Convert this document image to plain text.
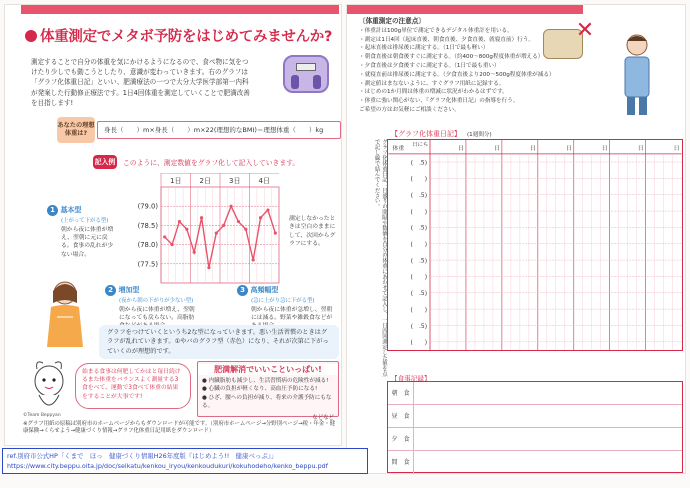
体重測定でメタボ予防をはじめてみませんか?
測定することで自分の体重を気にかけるようになるので、食べ物に気をつけたり少しでも動こうとしたり、意識が変わっていきます。右のグラフは「グラフ化体重日記」といい、肥満療法の一つで大分大学医学部第一内科が発案した行動修正療法です。1日4回体重を測定していくことで肥満改善を目指します!
あなたの理想体重は?	身長（　　）m×身長（　　）m×22(理想的なBMI)＝理想体重（　　）kg
記入例 このように、測定数値をグラフ化して記入していきます。
1日	2日	3日	4日
(79.0)
(78.5)
(78.0)
(77.5)
測定しなかったときは空白のままにして、次回からグラフにする。
1 基本型
(上がって下がる型)
朝から夜に体重が増え、翌朝に元に戻る。食事の乱れが少ない場合。
2 増加型
(夜から朝の下がりが少ない型)
朝から夜に体重が増え、翌朝になっても戻らない。高脂肪
3 高頻幅型
(急に上がり急に下がる型)
朝から夜に体重が急増し、翌朝には減る。野菜や雑穀食などが
グラフをつけていくというち2な型になっていきます。悪い生活習慣のときはグラフが乱れていきます。①やバのグラフ型（赤色）になり、それが次第に下がっていくのが理想的です。
©Team Beppyan
始まる食事は何肥してかはと毎日続けるまた体重をバランスよく測量する3食をべて、運動で3食べて体重の結果をすることが大事です!
肥満解消でいいこといっぱい!
● 内臓脂肪も減少し、生活習慣病の危険性が減る!
● 心臓の負担が軽くなり、高血圧予防になる!
● ひざ、腰への負担が減り、将来の介護予防にもなる。
などなど
※グラフ用紙の原稿は別府市のホームページからもダウンロードが可能です。（別府市ホームページ→分野別ページ→税・年金・健康保険→くらせよう→健康づくり情報→グラフ化体重日記用紙をダウンロード）
〔体重測定の注意点〕
・体重計は100g単位で測定できるデジタル体重計を用いる。
・測定は1日4回（起床直後、朝食直後、夕食直後、就寝直前）行う。
・起床直後は排尿後に測定する。（1日で最も軽い）
・朝食直後は朝食後すぐに測定する。（約400〜800g程度体重が増える）
・夕食直後は夕食後すぐに測定する。（1日で最も重い）
・就寝直前は排尿後に測定する。（夕食直後より200〜500g程度体重が減る）
・測定値はまなないように、すぐグラフ用紙に記録する。
・はじめの1か月間は体重の増減に状況がわかるはずです。
・体重に強い関心がない、『グラフ化体重日記』の指導を行う。
ご希望の方はお気軽にご相談ください。
✕
【グラフ化体重日記】 (1週間分)
グラフ化体重日記：目盛りの間隔や数値を自分の体重にあわせて記入し、一日四回測定した値を点で記し線で結んでください。	体重 日にち	日	日	日	日	日	日	日
(　.5)
(　　)
(　.5)
(　　)
(　.5)
(　　)
(　.5)
(　　)
(　.5)
(　　)
(　.5)
(　　)
【食事記録】
朝　食
昼　食
夕　食
間　食
ref.別府市公式HP「くまで　ほっ　健康づくり情報H26年度版『はじめよう!!　健康べっぷ』」
https://www.city.beppu.oita.jp/doc/seikatu/kenkou_iryou/kenkoudukuri/kokuhodeho/kenko_beppu.pdf
